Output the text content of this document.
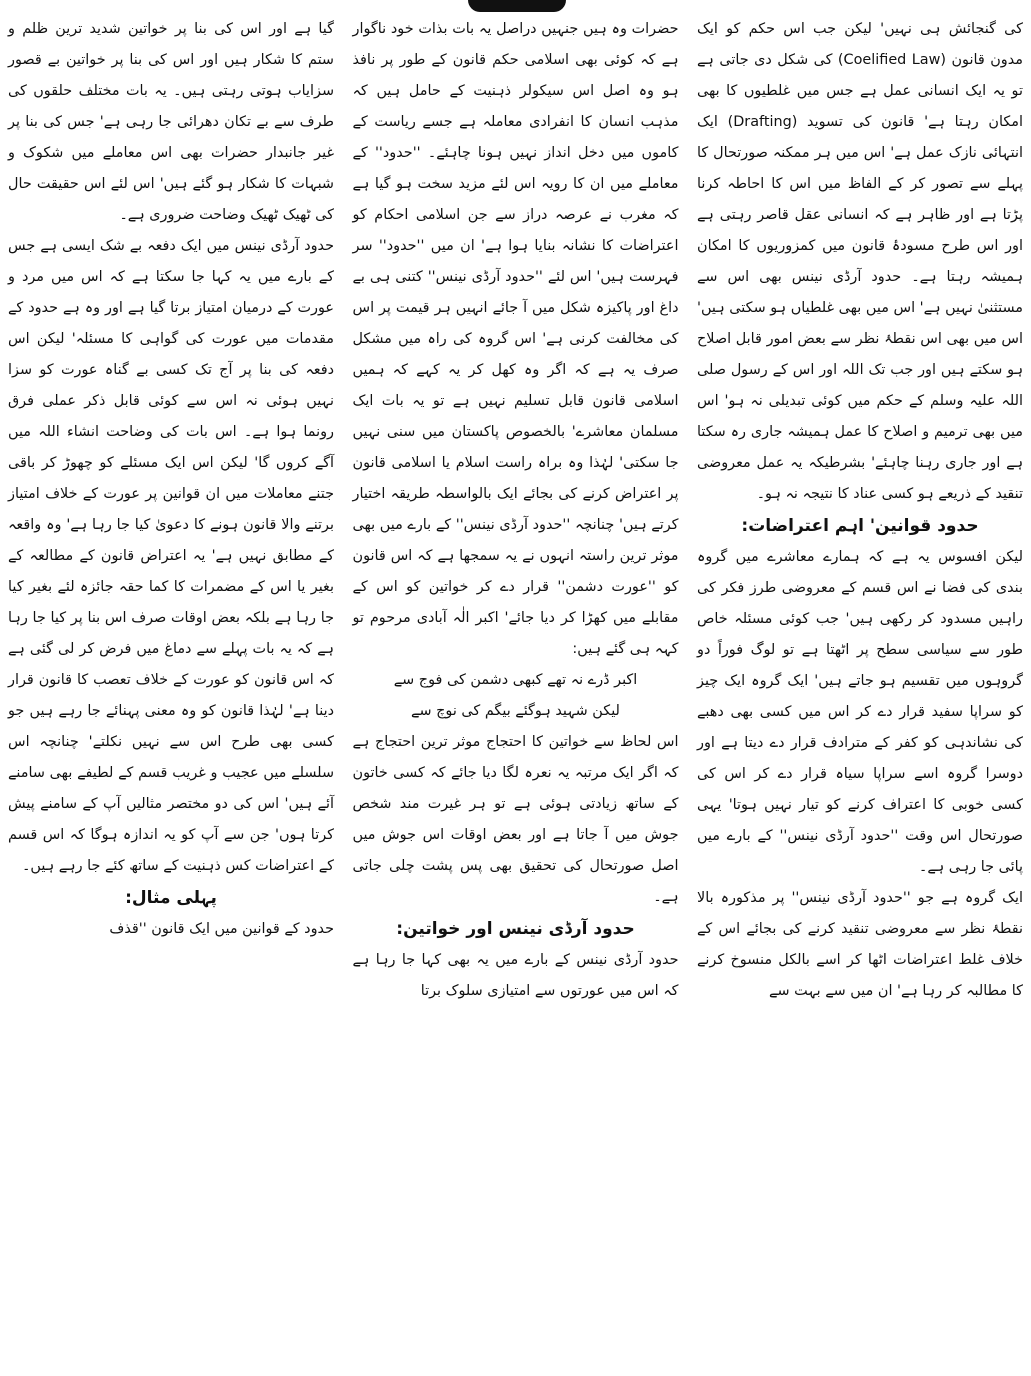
کی گنجائش ہی نہیں' لیکن جب اس حکم کو ایک مدون قانون (Coelified Law) کی شکل دی جاتی ہے تو یہ ایک انسانی عمل ہے جس میں غلطیوں کا بھی امکان رہتا ہے' قانون کی تسوید (Drafting) ایک انتہائی نازک عمل ہے' اس میں ہر ممکنہ صورتحال کا پہلے سے تصور کر کے الفاظ میں اس کا احاطہ کرنا پڑتا ہے اور ظاہر ہے کہ انسانی عقل قاصر رہتی ہے اور اس طرح مسودۂ قانون میں کمزوریوں کا امکان ہمیشہ رہتا ہے۔ حدود آرڈی نینس بھی اس سے مستثنیٰ نہیں ہے' اس میں بھی غلطیاں ہو سکتی ہیں' اس میں بھی اس نقطۂ نظر سے بعض امور قابل اصلاح ہو سکتے ہیں اور جب تک اللہ اور اس کے رسول صلی اللہ علیہ وسلم کے حکم میں کوئی تبدیلی نہ ہو' اس میں بھی ترمیم و اصلاح کا عمل ہمیشہ جاری رہ سکتا ہے اور جاری رہنا چاہئے' بشرطیکہ یہ عمل معروضی تنقید کے ذریعے ہو کسی عناد کا نتیجہ نہ ہو۔

حدود قوانین' اہم اعتراضات:

لیکن افسوس یہ ہے کہ ہمارے معاشرے میں گروہ بندی کی فضا نے اس قسم کے معروضی طرز فکر کی راہیں مسدود کر رکھی ہیں' جب کوئی مسئلہ خاص طور سے سیاسی سطح پر اٹھتا ہے تو لوگ فوراً دو گروہوں میں تقسیم ہو جاتے ہیں' ایک گروہ ایک چیز کو سراپا سفید قرار دے کر اس میں کسی بھی دھبے کی نشاندہی کو کفر کے مترادف قرار دے دیتا ہے اور دوسرا گروہ اسے سراپا سیاہ قرار دے کر اس کی کسی خوبی کا اعتراف کرنے کو تیار نہیں ہوتا' یہی صورتحال اس وقت ''حدود آرڈی نینس'' کے بارے میں پائی جا رہی ہے۔

ایک گروہ ہے جو ''حدود آرڈی نینس'' پر مذکورہ بالا نقطۂ نظر سے معروضی تنقید کرنے کی بجائے اس کے خلاف غلط اعتراضات اٹھا کر اسے بالکل منسوخ کرنے کا مطالبہ کر رہا ہے' ان میں سے بہت سے

حضرات وہ ہیں جنہیں دراصل یہ بات بذات خود ناگوار ہے کہ کوئی بھی اسلامی حکم قانون کے طور پر نافذ ہو وہ اصل اس سیکولر ذہنیت کے حامل ہیں کہ مذہب انسان کا انفرادی معاملہ ہے جسے ریاست کے کاموں میں دخل انداز نہیں ہونا چاہئے۔ ''حدود'' کے معاملے میں ان کا رویہ اس لئے مزید سخت ہو گیا ہے کہ مغرب نے عرصہ دراز سے جن اسلامی احکام کو اعتراضات کا نشانہ بنایا ہوا ہے' ان میں ''حدود'' سر فہرست ہیں' اس لئے ''حدود آرڈی نینس'' کتنی ہی بے داغ اور پاکیزہ شکل میں آ جائے انہیں ہر قیمت پر اس کی مخالفت کرنی ہے' اس گروہ کی راہ میں مشکل صرف یہ ہے کہ اگر وہ کھل کر یہ کہے کہ ہمیں اسلامی قانون قابل تسلیم نہیں ہے تو یہ بات ایک مسلمان معاشرے' بالخصوص پاکستان میں سنی نہیں جا سکتی' لہٰذا وہ براہ راست اسلام یا اسلامی قانون پر اعتراض کرنے کی بجائے ایک بالواسطہ طریقہ اختیار کرتے ہیں' چنانچہ ''حدود آرڈی نینس'' کے بارے میں بھی موثر ترین راستہ انہوں نے یہ سمجھا ہے کہ اس قانون کو ''عورت دشمن'' قرار دے کر خواتین کو اس کے مقابلے میں کھڑا کر دیا جائے' اکبر الٰہ آبادی مرحوم تو کہہ ہی گئے ہیں:

اکبر ڈرے نہ تھے کبھی دشمن کی فوج سے
لیکن شہید ہوگئے بیگم کی نوچ سے

اس لحاظ سے خواتین کا احتجاج موثر ترین احتجاج ہے کہ اگر ایک مرتبہ یہ نعرہ لگا دیا جائے کہ کسی خاتون کے ساتھ زیادتی ہوئی ہے تو ہر غیرت مند شخص جوش میں آ جاتا ہے اور بعض اوقات اس جوش میں اصل صورتحال کی تحقیق بھی پس پشت چلی جاتی ہے۔

حدود آرڈی نینس اور خواتین:

حدود آرڈی نینس کے بارے میں یہ بھی کہا جا رہا ہے کہ اس میں عورتوں سے امتیازی سلوک برتا

گیا ہے اور اس کی بنا پر خواتین شدید ترین ظلم و ستم کا شکار ہیں اور اس کی بنا پر خواتین بے قصور سزایاب ہوتی رہتی ہیں۔ یہ بات مختلف حلقوں کی طرف سے بے تکان دھرائی جا رہی ہے' جس کی بنا پر غیر جانبدار حضرات بھی اس معاملے میں شکوک و شبہات کا شکار ہو گئے ہیں' اس لئے اس حقیقت حال کی ٹھیک ٹھیک وضاحت ضروری ہے۔

حدود آرڈی نینس میں ایک دفعہ بے شک ایسی ہے جس کے بارے میں یہ کہا جا سکتا ہے کہ اس میں مرد و عورت کے درمیان امتیاز برتا گیا ہے اور وہ ہے حدود کے مقدمات میں عورت کی گواہی کا مسئلہ' لیکن اس دفعہ کی بنا پر آج تک کسی بے گناہ عورت کو سزا نہیں ہوئی نہ اس سے کوئی قابل ذکر عملی فرق رونما ہوا ہے۔ اس بات کی وضاحت انشاء اللہ میں آگے کروں گا' لیکن اس ایک مسئلے کو چھوڑ کر باقی جتنے معاملات میں ان قوانین پر عورت کے خلاف امتیاز برتنے والا قانون ہونے کا دعویٰ کیا جا رہا ہے' وہ واقعہ کے مطابق نہیں ہے' یہ اعتراض قانون کے مطالعہ کے بغیر یا اس کے مضمرات کا کما حقہ جائزہ لئے بغیر کیا جا رہا ہے بلکہ بعض اوقات صرف اس بنا پر کیا جا رہا ہے کہ یہ بات پہلے سے دماغ میں فرض کر لی گئی ہے کہ اس قانون کو عورت کے خلاف تعصب کا قانون قرار دینا ہے' لہٰذا قانون کو وہ معنی پہنائے جا رہے ہیں جو کسی بھی طرح اس سے نہیں نکلتے' چنانچہ اس سلسلے میں عجیب و غریب قسم کے لطیفے بھی سامنے آئے ہیں' اس کی دو مختصر مثالیں آپ کے سامنے پیش کرتا ہوں' جن سے آپ کو یہ اندازہ ہوگا کہ اس قسم کے اعتراضات کس ذہنیت کے ساتھ کئے جا رہے ہیں۔

پہلی مثال:

حدود کے قوانین میں ایک قانون ''قذف
